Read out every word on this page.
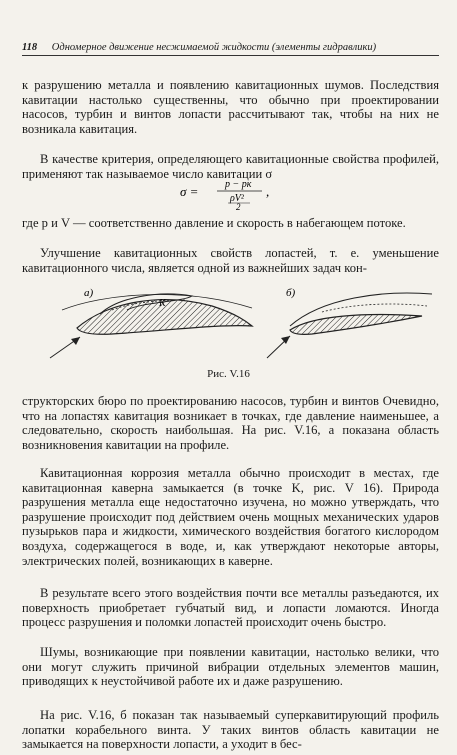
118 Одномерное движение несжимаемой жидкости (элементы гидравлики)

к разрушению металла и появлению кавитационных шумов. Последствия кавитации настолько существенны, что обычно при проектировании насосов, турбин и винтов лопасти рассчитывают так, чтобы на них не возникала кавитация.

В качестве критерия, определяющего кавитационные свойства профилей, применяют так называемое число кавитации σ

σ =	p − pк
ρV²
2
,

где p и V — соответственно давление и скорость в набегающем потоке.

Улучшение кавитационных свойств лопастей, т. е. уменьшение кавитационного числа, является одной из важнейших задач кон-

а)
K
б)
Рис. V.16

структорских бюро по проектированию насосов, турбин и винтов Очевидно, что на лопастях кавитация возникает в точках, где давление наименьшее, а следовательно, скорость наибольшая. На рис. V.16, а показана область возникновения кавитации на профиле.

Кавитационная коррозия металла обычно происходит в местах, где кавитационная каверна замыкается (в точке K, рис. V 16). Природа разрушения металла еще недостаточно изучена, но можно утверждать, что разрушение происходит под действием очень мощных механических ударов пузырьков пара и жидкости, химического воздействия богатого кислородом воздуха, содержащегося в воде, и, как утверждают некоторые авторы, электрических полей, возникающих в каверне.

В результате всего этого воздействия почти все металлы разъедаются, их поверхность приобретает губчатый вид, и лопасти ломаются. Иногда процесс разрушения и поломки лопастей происходит очень быстро.

Шумы, возникающие при появлении кавитации, настолько велики, что они могут служить причиной вибрации отдельных элементов машин, приводящих к неустойчивой работе их и даже разрушению.

На рис. V.16, б показан так называемый суперкавитирующий профиль лопатки корабельного винта. У таких винтов область кавитации не замыкается на поверхности лопасти, а уходит в бес-
